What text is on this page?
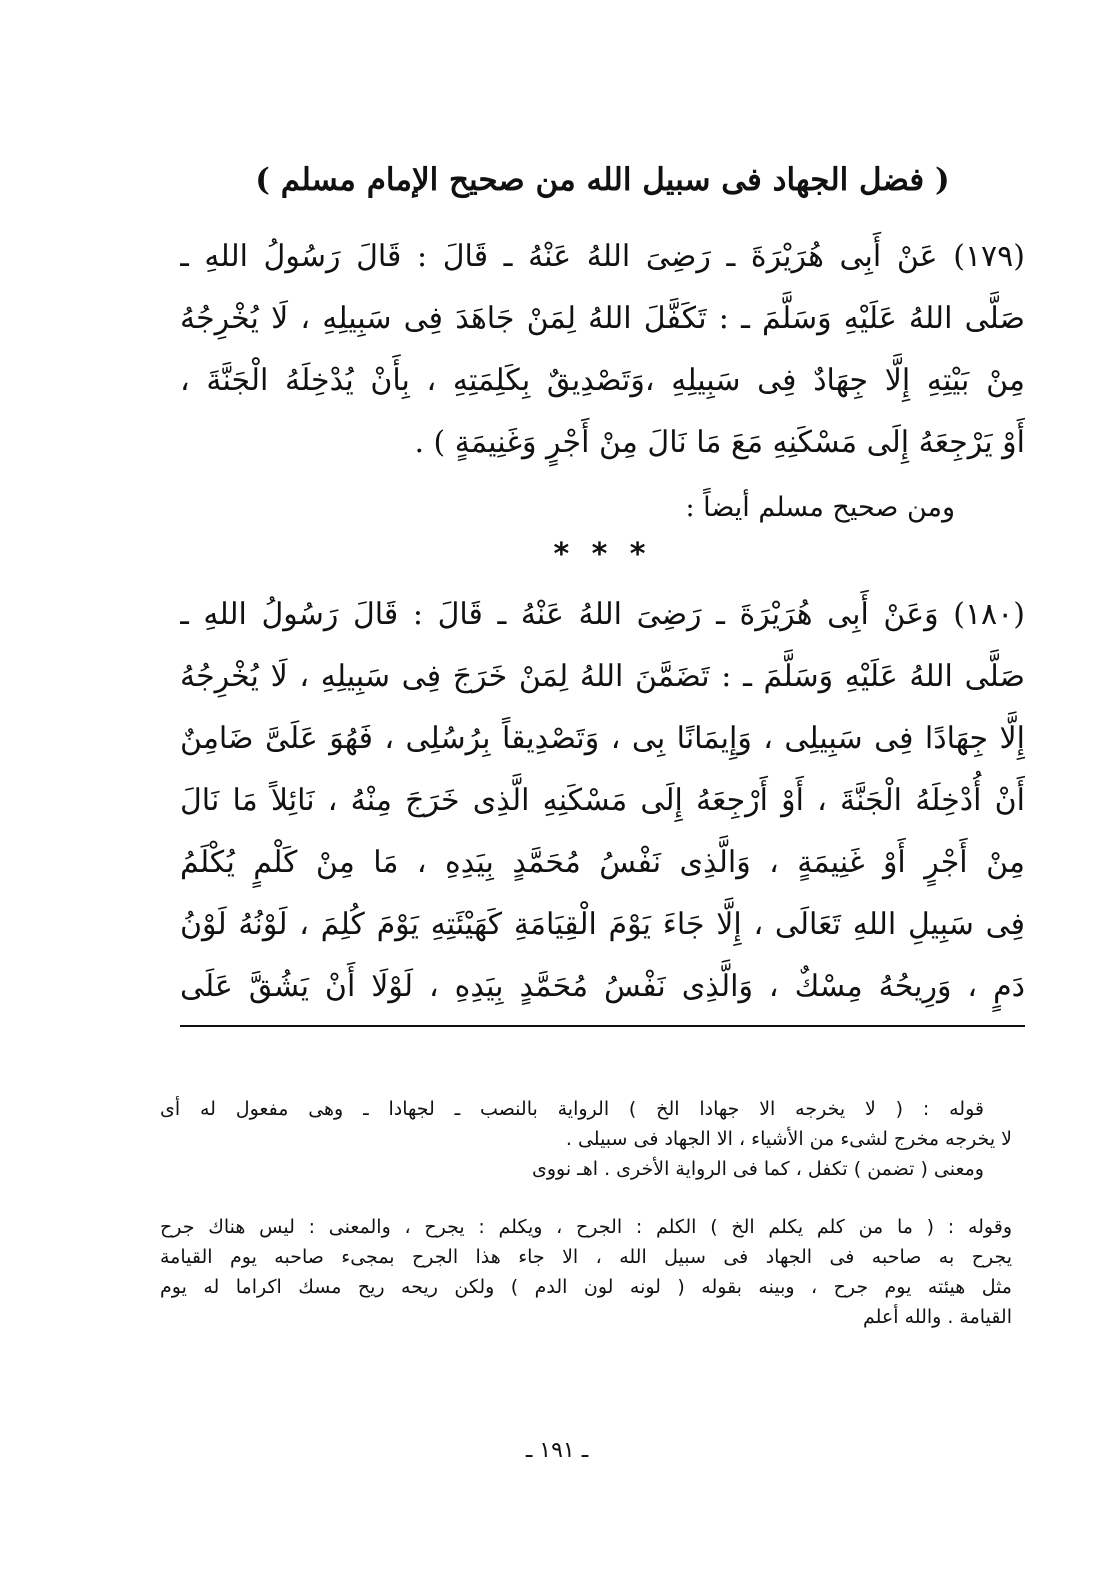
( فضل الجهاد فى سبيل الله من صحيح الإمام مسلم )
(١٧٩) عَنْ أَبِى هُرَيْرَةَ ـ رَضِىَ اللهُ عَنْهُ ـ قَالَ : قَالَ رَسُولُ اللهِ ـ
صَلَّى اللهُ عَلَيْهِ وَسَلَّمَ ـ : تَكَفَّلَ اللهُ لِمَنْ جَاهَدَ فِى سَبِيلِهِ ، لَا يُخْرِجُهُ
مِنْ بَيْتِهِ إِلَّا جِهَادٌ فِى سَبِيلِهِ ،وَتَصْدِيقٌ بِكَلِمَتِهِ ، بِأَنْ يُدْخِلَهُ الْجَنَّةَ ،
أَوْ يَرْجِعَهُ إِلَى مَسْكَنِهِ مَعَ مَا نَالَ مِنْ أَجْرٍ وَغَنِيمَةٍ ) .
ومن صحيح مسلم أيضاً :
* * *
(١٨٠) وَعَنْ أَبِى هُرَيْرَةَ ـ رَضِىَ اللهُ عَنْهُ ـ قَالَ : قَالَ رَسُولُ اللهِ ـ
صَلَّى اللهُ عَلَيْهِ وَسَلَّمَ ـ : تَضَمَّنَ اللهُ لِمَنْ خَرَجَ فِى سَبِيلِهِ ، لَا يُخْرِجُهُ
إِلَّا جِهَادًا فِى سَبِيلِى ، وَإِيمَانًا بِى ، وَتَصْدِيقاً بِرُسُلِى ، فَهُوَ عَلَىَّ ضَامِنٌ
أَنْ أُدْخِلَهُ الْجَنَّةَ ، أَوْ أَرْجِعَهُ إِلَى مَسْكَنِهِ الَّذِى خَرَجَ مِنْهُ ، نَائِلاً مَا نَالَ
مِنْ أَجْرٍ أَوْ غَنِيمَةٍ ، وَالَّذِى نَفْسُ مُحَمَّدٍ بِيَدِهِ ، مَا مِنْ كَلْمٍ يُكْلَمُ
فِى سَبِيلِ اللهِ تَعَالَى ، إِلَّا جَاءَ يَوْمَ الْقِيَامَةِ كَهَيْئَتِهِ يَوْمَ كُلِمَ ، لَوْنُهُ لَوْنُ
دَمٍ ، وَرِيحُهُ مِسْكٌ ، وَالَّذِى نَفْسُ مُحَمَّدٍ بِيَدِهِ ، لَوْلَا أَنْ يَشُقَّ عَلَى
قوله : ( لا يخرجه الا جهادا الخ ) الرواية بالنصب ـ لجهادا ـ وهى مفعول له أى
لا يخرجه مخرج لشىء من الأشياء ، الا الجهاد فى سبيلى .
ومعنى ( تضمن ) تكفل ، كما فى الرواية الأخرى . اهـ نووى
وقوله : ( ما من كلم يكلم الخ ) الكلم : الجرح ، ويكلم : يجرح ، والمعنى : ليس هناك جرح
يجرح به صاحبه فى الجهاد فى سبيل الله ، الا جاء هذا الجرح بمجىء صاحبه يوم القيامة
مثل هيئته يوم جرح ، وبينه بقوله ( لونه لون الدم ) ولكن ريحه ريح مسك اكراما له يوم
القيامة . والله أعلم
ـ ١٩١ ـ
